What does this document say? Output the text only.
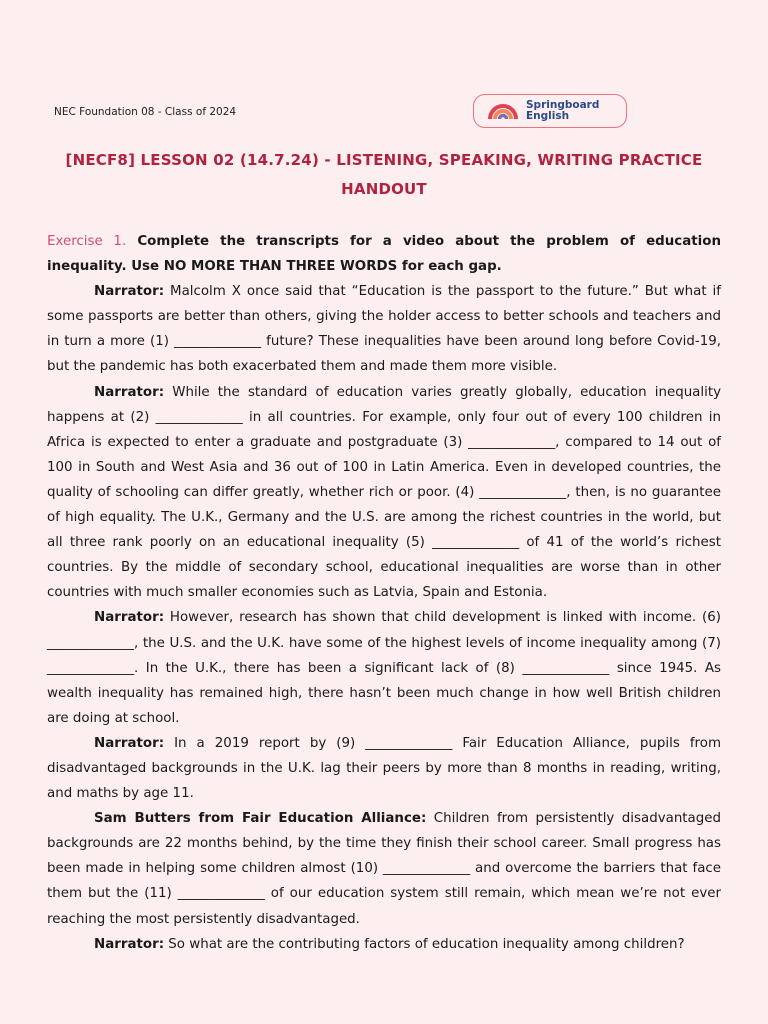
NEC Foundation 08 - Class of 2024
Springboard
English
[NECF8] LESSON 02 (14.7.24) - LISTENING, SPEAKING, WRITING PRACTICE
HANDOUT

Exercise 1. Complete the transcripts for a video about the problem of education inequality. Use NO MORE THAN THREE WORDS for each gap.

Narrator: Malcolm X once said that “Education is the passport to the future.” But what if some passports are better than others, giving the holder access to better schools and teachers and in turn a more (1) _____________ future? These inequalities have been around long before Covid-19, but the pandemic has both exacerbated them and made them more visible.

Narrator: While the standard of education varies greatly globally, education inequality happens at (2) _____________ in all countries. For example, only four out of every 100 children in Africa is expected to enter a graduate and postgraduate (3) _____________, compared to 14 out of 100 in South and West Asia and 36 out of 100 in Latin America. Even in developed countries, the quality of schooling can differ greatly, whether rich or poor. (4) _____________, then, is no guarantee of high equality. The U.K., Germany and the U.S. are among the richest countries in the world, but all three rank poorly on an educational inequality (5) _____________ of 41 of the world’s richest countries. By the middle of secondary school, educational inequalities are worse than in other countries with much smaller economies such as Latvia, Spain and Estonia.

Narrator: However, research has shown that child development is linked with income. (6) _____________, the U.S. and the U.K. have some of the highest levels of income inequality among (7) _____________. In the U.K., there has been a significant lack of (8) _____________ since 1945. As wealth inequality has remained high, there hasn’t been much change in how well British children are doing at school.

Narrator: In a 2019 report by (9) _____________ Fair Education Alliance, pupils from disadvantaged backgrounds in the U.K. lag their peers by more than 8 months in reading, writing, and maths by age 11.

Sam Butters from Fair Education Alliance: Children from persistently disadvantaged backgrounds are 22 months behind, by the time they finish their school career. Small progress has been made in helping some children almost (10) _____________ and overcome the barriers that face them but the (11) _____________ of our education system still remain, which mean we’re not ever reaching the most persistently disadvantaged.

Narrator: So what are the contributing factors of education inequality among children?
